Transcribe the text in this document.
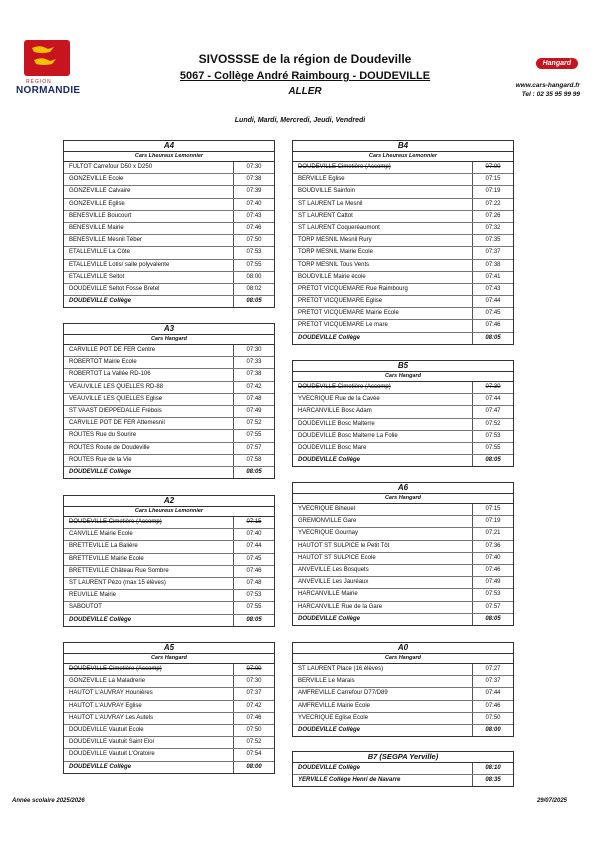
RÉGION
NORMANDIE
SIVOSSSE de la région de Doudeville
5067 - Collège André Raimbourg - DOUDEVILLE
ALLER
Lundi, Mardi, Mercredi, Jeudi, Vendredi
Hangard
www.cars-hangard.fr
Tel : 02 35 95 99 99
A4
Cars Lheureux Lemonnier
FULTOT Carrefour D50 x D250	07:30
GONZEVILLE Ecole	07:38
GONZEVILLE Calvaire	07:39
GONZEVILLE Eglise	07:40
BENESVILLE Boucourt	07:43
BENESVILLE Mairie	07:46
BENESVILLE Mesnil Téber	07:50
ETALLEVILLE La Côte	07:53
ETALLEVILLE Lotis/ salle polyvalente	07:55
ETALLEVILLE Seltot	08:00
DOUDEVILLE Seltot Fosse Bretel	08:02
DOUDEVILLE Collège	08:05
B4
Cars Lheureux Lemonnier
DOUDEVILLE Cimetière (Accomp)	07:00
BERVILLE Eglise	07:15
BOUDVILLE Sainfoin	07:19
ST LAURENT Le Mesnil	07:22
ST LAURENT Cattot	07:26
ST LAURENT Coqueréaumont	07:32
TORP MESNIL Mesnil Rury	07:35
TORP MESNIL Mairie Ecole	07:37
TORP MESNIL Tous Vents	07:38
BOUDVILLE Mairie école	07:41
PRETOT VICQUEMARE Rue Raimbourg	07:43
PRETOT VICQUEMARE Eglise	07:44
PRETOT VICQUEMARE Mairie Ecole	07:45
PRETOT VICQUEMARE Le mare	07:46
DOUDEVILLE Collège	08:05
A3
Cars Hangard
CARVILLE POT DE FER Centre	07:30
ROBERTOT Mairie Ecole	07:33
ROBERTOT La Vallée RD-106	07:38
VEAUVILLE LES QUELLES RD-88	07:42
VEAUVILLE LES QUELLES Eglise	07:48
ST VAAST DIEPPEDALLE Frébois	07:49
CARVILLE POT DE FER Attemesnil	07:52
ROUTES Rue du Sourire	07:55
ROUTES Route de Doudeville	07:57
ROUTES Rue de la Vie	07:58
DOUDEVILLE Collège	08:05
B5
Cars Hangard
DOUDEVILLE Cimetière (Accomp)	07:30
YVECRIQUE Rue de la Cavée	07:44
HARCANVILLE Bosc Adam	07:47
DOUDEVILLE Bosc Malterre	07:52
DOUDEVILLE Bosc Malterre La Folie	07:53
DOUDEVILLE Bosc Mare	07:55
DOUDEVILLE Collège	08:05
A2
Cars Lheureux Lemonnier
DOUDEVILLE Cimetière (Accomp)	07:15
CANVILLE Mairie Ecole	07:40
BRETTEVILLE La Balière	07:44
BRETTEVILLE Mairie Ecole	07:45
BRETTEVILLE Château Rue Sombre	07:46
ST LAURENT Pézo (max 15 élèves)	07:48
REUVILLE Mairie	07:53
SABOUTOT	07:55
DOUDEVILLE Collège	08:05
A6
Cars Hangard
YVECRIQUE Biheuel	07:15
GREMONVILLE Gare	07:19
YVECRIQUE Gournay	07:21
HAUTOT ST SULPICE le Petit Tôt	07:36
HAUTOT ST SULPICE Ecole	07:40
ANVEVILLE Les Bosquets	07:46
ANVEVILLE Les Jauréaux	07:49
HARCANVILLE Mairie	07:53
HARCANVILLE Rue de la Gare	07:57
DOUDEVILLE Collège	08:05
A5
Cars Hangard
DOUDEVILLE Cimetière (Accomp)	07:00
GONZEVILLE La Maladrerie	07:30
HAUTOT L'AUVRAY Hounières	07:37
HAUTOT L'AUVRAY Eglise	07:42
HAUTOT L'AUVRAY Les Autels	07:46
DOUDEVILLE Vautuit Ecole	07:50
DOUDEVILLE Vautuit Saint Eloi	07:52
DOUDEVILLE Vautuit L'Oratoire	07:54
DOUDEVILLE Collège	08:00
A0
Cars Hangard
ST LAURENT Place (16 élèves)	07:27
BERVILLE Le Marais	07:37
AMFREVILLE Carrefour D77/D89	07:44
AMFREVILLE Mairie Ecole	07:46
YVECRIQUE Eglise Ecole	07:50
DOUDEVILLE Collège	08:00
B7 (SEGPA Yerville)
DOUDEVILLE Collège	08:10
YERVILLE Collège Henri de Navarre	08:35
Année scolaire 2025/2026	29/07/2025
